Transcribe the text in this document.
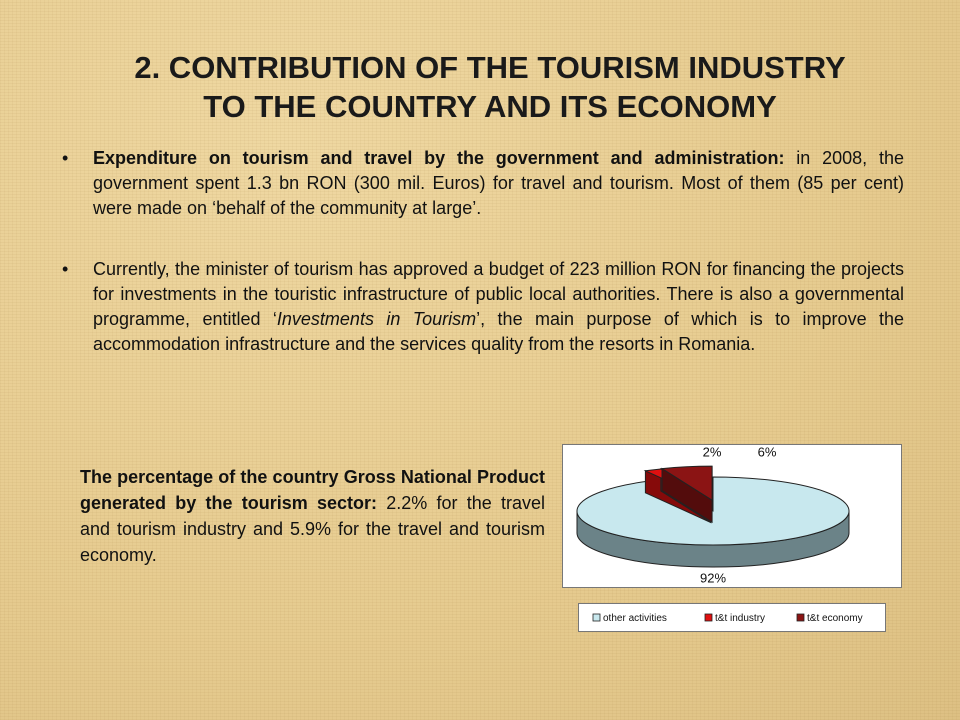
2. CONTRIBUTION OF THE TOURISM INDUSTRY
TO THE COUNTRY AND ITS ECONOMY
• Expenditure on tourism and travel by the government and administration: in 2008, the government spent 1.3 bn RON (300 mil. Euros) for travel and tourism. Most of them (85 per cent) were made on ‘behalf of the community at large’.
• Currently, the minister of tourism has approved a budget of 223 million RON for financing the projects for investments in the touristic infrastructure of public local authorities. There is also a governmental programme, entitled ‘Investments in Tourism’, the main purpose of which is to improve the accommodation infrastructure and the services quality from the resorts in Romania.
The percentage of the country Gross National Product generated by the tourism sector: 2.2% for the travel and tourism industry and 5.9% for the travel and tourism economy.
92%
2%	6%
other activities	t&t industry	t&t economy
